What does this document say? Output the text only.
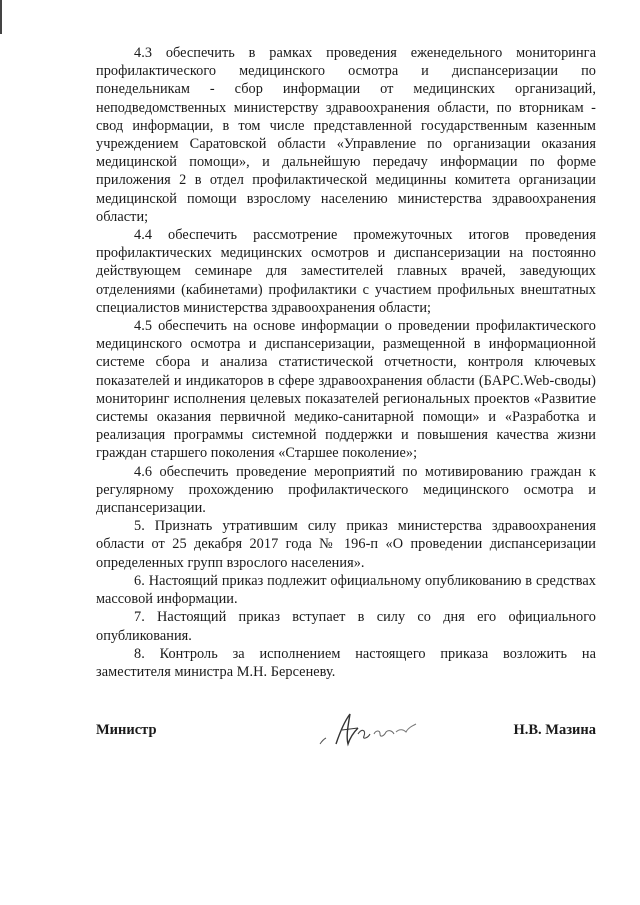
4.3 обеспечить в рамках проведения еженедельного мониторинга профилактического медицинского осмотра и диспансеризации по понедельникам - сбор информации от медицинских организаций, неподведомственных министерству здравоохранения области, по вторникам - свод информации, в том числе представленной государственным казенным учреждением Саратовской области «Управление по организации оказания медицинской помощи», и дальнейшую передачу информации по форме приложения 2 в отдел профилактической медицинны комитета организации медицинской помощи взрослому населению министерства здравоохранения области;

4.4 обеспечить рассмотрение промежуточных итогов проведения профилактических медицинских осмотров и диспансеризации на постоянно действующем семинаре для заместителей главных врачей, заведующих отделениями (кабинетами) профилактики с участием профильных внештатных специалистов министерства здравоохранения области;

4.5 обеспечить на основе информации о проведении профилактического медицинского осмотра и диспансеризации, размещенной в информационной системе сбора и анализа статистической отчетности, контроля ключевых показателей и индикаторов в сфере здравоохранения области (БАРС.Web-своды) мониторинг исполнения целевых показателей региональных проектов «Развитие системы оказания первичной медико-санитарной помощи» и «Разработка и реализация программы системной поддержки и повышения качества жизни граждан старшего поколения «Старшее поколение»;

4.6 обеспечить проведение мероприятий по мотивированию граждан к регулярному прохождению профилактического медицинского осмотра и диспансеризации.

5. Признать утратившим силу приказ министерства здравоохранения области от 25 декабря 2017 года № 196-п «О проведении диспансеризации определенных групп взрослого населения».

6. Настоящий приказ подлежит официальному опубликованию в средствах массовой информации.

7. Настоящий приказ вступает в силу со дня его официального опубликования.

8. Контроль за исполнением настоящего приказа возложить на заместителя министра М.Н. Берсеневу.

Министр	Н.В. Мазина
